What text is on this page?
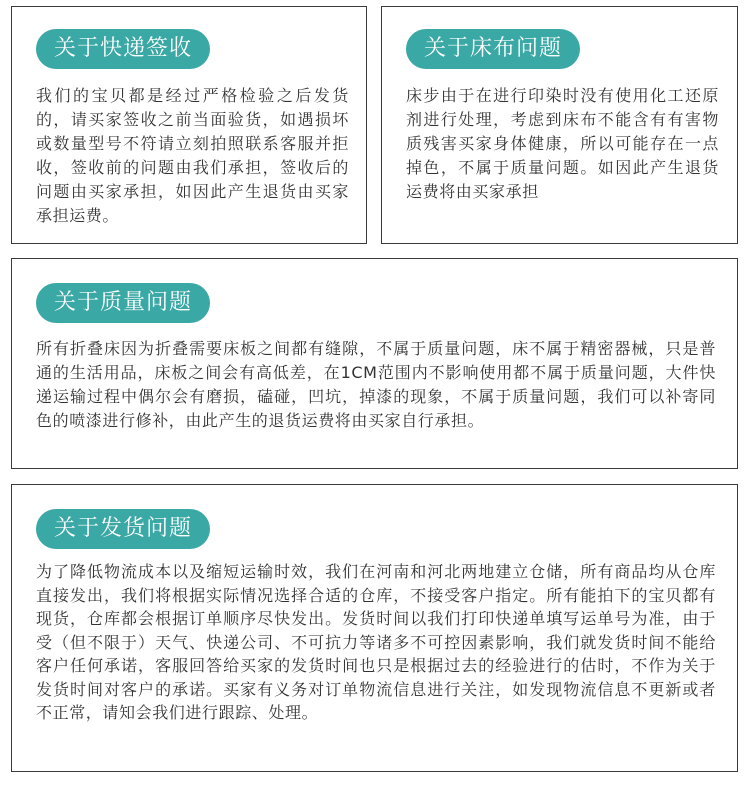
关于快递签收
我们的宝贝都是经过严格检验之后发货的，请买家签收之前当面验货，如遇损坏或数量型号不符请立刻拍照联系客服并拒收，签收前的问题由我们承担，签收后的问题由买家承担，如因此产生退货由买家承担运费。
关于床布问题
床步由于在进行印染时没有使用化工还原剂进行处理，考虑到床布不能含有有害物质残害买家身体健康，所以可能存在一点掉色，不属于质量问题。如因此产生退货运费将由买家承担
关于质量问题
所有折叠床因为折叠需要床板之间都有缝隙，不属于质量问题，床不属于精密器械，只是普通的生活用品，床板之间会有高低差，在1CM范围内不影响使用都不属于质量问题，大件快递运输过程中偶尔会有磨损，磕碰，凹坑，掉漆的现象，不属于质量问题，我们可以补寄同色的喷漆进行修补，由此产生的退货运费将由买家自行承担。
关于发货问题
为了降低物流成本以及缩短运输时效，我们在河南和河北两地建立仓储，所有商品均从仓库直接发出，我们将根据实际情况选择合适的仓库，不接受客户指定。所有能拍下的宝贝都有现货，仓库都会根据订单顺序尽快发出。发货时间以我们打印快递单填写运单号为准，由于受（但不限于）天气、快递公司、不可抗力等诸多不可控因素影响，我们就发货时间不能给客户任何承诺，客服回答给买家的发货时间也只是根据过去的经验进行的估时，不作为关于发货时间对客户的承诺。买家有义务对订单物流信息进行关注，如发现物流信息不更新或者不正常，请知会我们进行跟踪、处理。
